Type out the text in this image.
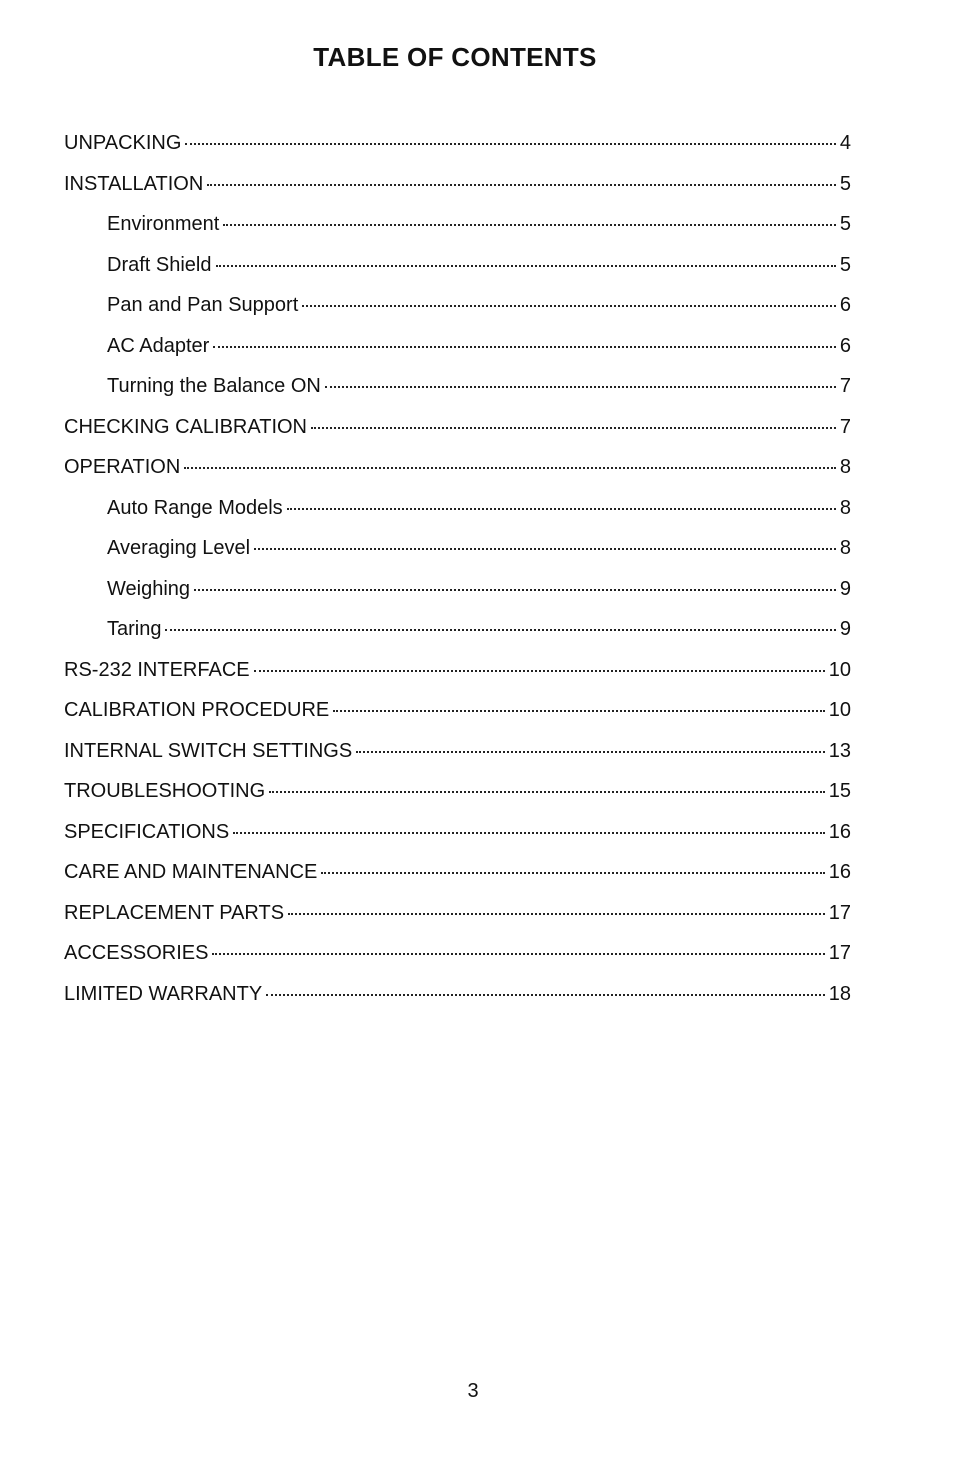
TABLE OF CONTENTS
UNPACKING	4
INSTALLATION	5
Environment	5
Draft Shield	5
Pan and Pan Support	6
AC Adapter	6
Turning the Balance ON	7
CHECKING CALIBRATION	7
OPERATION	8
Auto Range Models	8
Averaging Level	8
Weighing	9
Taring	9
RS-232 INTERFACE	10
CALIBRATION PROCEDURE	10
INTERNAL SWITCH SETTINGS	13
TROUBLESHOOTING	15
SPECIFICATIONS	16
CARE AND MAINTENANCE	16
REPLACEMENT PARTS	17
ACCESSORIES	17
LIMITED WARRANTY	18
3
